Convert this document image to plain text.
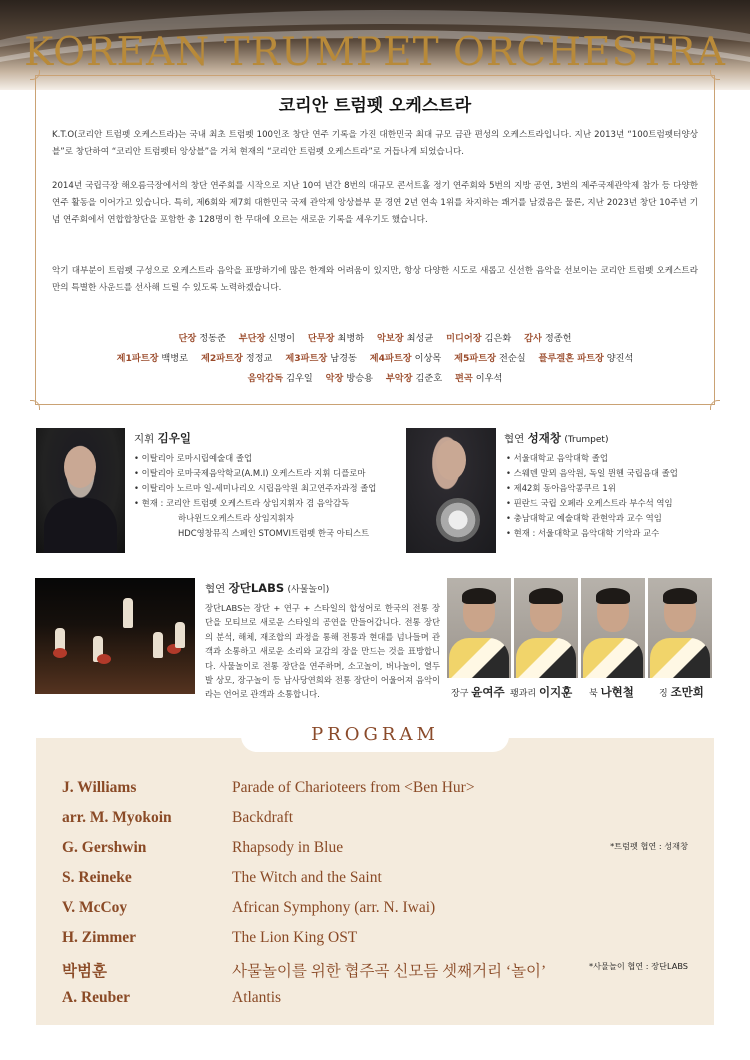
KOREAN TRUMPET ORCHESTRA
코리안 트럼펫 오케스트라

K.T.O(코리안 트럼펫 오케스트라)는 국내 최초 트럼펫 100인조 창단 연주 기록을 가진 대한민국 최대 규모 금관 편성의 오케스트라입니다. 지난 2013년 “100트럼펫터양상블”로 창단하여 “코리안 트럼펫터 앙상블”을 거쳐 현재의 “코리안 트럼펫 오케스트라”로 거듭나게 되었습니다.

2014년 국립극장 해오름극장에서의 창단 연주회를 시작으로 지난 10여 년간 8번의 대규모 콘서트홀 정기 연주회와 5번의 지방 공연, 3번의 제주국제관악제 참가 등 다양한 연주 활동을 이어가고 있습니다. 특히, 제6회와 제7회 대한민국 국제 관악제 앙상블부 문 경연 2년 연속 1위를 차지하는 쾌거를 남겼음은 물론, 지난 2023년 창단 10주년 기념 연주회에서 연합합창단을 포함한 총 128명이 한 무대에 오르는 새로운 기록을 세우기도 했습니다.

악기 대부분이 트럼펫 구성으로 오케스트라 음악을 표방하기에 많은 한계와 어려움이 있지만, 항상 다양한 시도로 새롭고 신선한 음악을 선보이는 코리안 트럼펫 오케스트라만의 특별한 사운드를 선사해 드릴 수 있도록 노력하겠습니다.

단장 정동준 부단장 신명이 단무장 최병하 악보장 최성균 미디어장 김은화 감사 정종헌
제1파트장 백병로 제2파트장 정정교 제3파트장 남경동 제4파트장 이상목 제5파트장 전순실 플루겔혼 파트장 양진석
음악감독 김우일 악장 방승용 부악장 김준호 편곡 이우석
지휘 김우일
• 이탈리아 로마시립예술대 졸업
• 이탈리아 로마국제음악학교(A.M.I) 오케스트라 지휘 디플로마
• 이탈리아 노르마 일-세미나리오 시립음악원 최고연주자과정 졸업
• 현재 : 코리안 트럼펫 오케스트라 상임지휘자 겸 음악감독
하나윈드오케스트라 상임지휘자
HDC영창뮤직 스페인 STOMVI트럼펫 한국 아티스트
협연 성재창 (Trumpet)
• 서울대학교 음악대학 졸업
• 스웨덴 말뫼 음악원, 독일 뮌헨 국립음대 졸업
• 제42회 동아음악콩쿠르 1위
• 핀란드 국립 오페라 오케스트라 부수석 역임
• 충남대학교 예술대학 관현악과 교수 역임
• 현재 : 서울대학교 음악대학 기악과 교수
협연 장단LABS (사물놀이)

장단LABS는 장단 + 연구 + 스타일의 합성어로 한국의 전통 장단을 모티브로 새로운 스타일의 공연을 만들어갑니다. 전통 장단의 분석, 해체, 재조합의 과정을 통해 전통과 현대를 넘나들며 관객과 소통하고 새로운 소리와 교감의 장을 만드는 것을 표방합니다. 사물놀이로 전통 장단을 연주하며, 소고놀이, 버나놀이, 열두발 상모, 장구놀이 등 남사당연희와 전통 장단이 어울어져 음악이라는 언어로 관객과 소통합니다.	장구 윤여주 꽹과리 이지훈 북 나현철	징 조만희
PROGRAM
J. Williams	Parade of Charioteers from <Ben Hur>
arr. M. Myokoin	Backdraft
G. Gershwin	Rhapsody in Blue	*트럼펫 협연 : 성재창
S. Reineke	The Witch and the Saint
V. McCoy	African Symphony (arr. N. Iwai)
H. Zimmer	The Lion King OST
박범훈	사물놀이를 위한 협주곡 신모듬 셋째거리 ‘놀이’	*사물놀이 협연 : 장단LABS
A. Reuber	Atlantis
